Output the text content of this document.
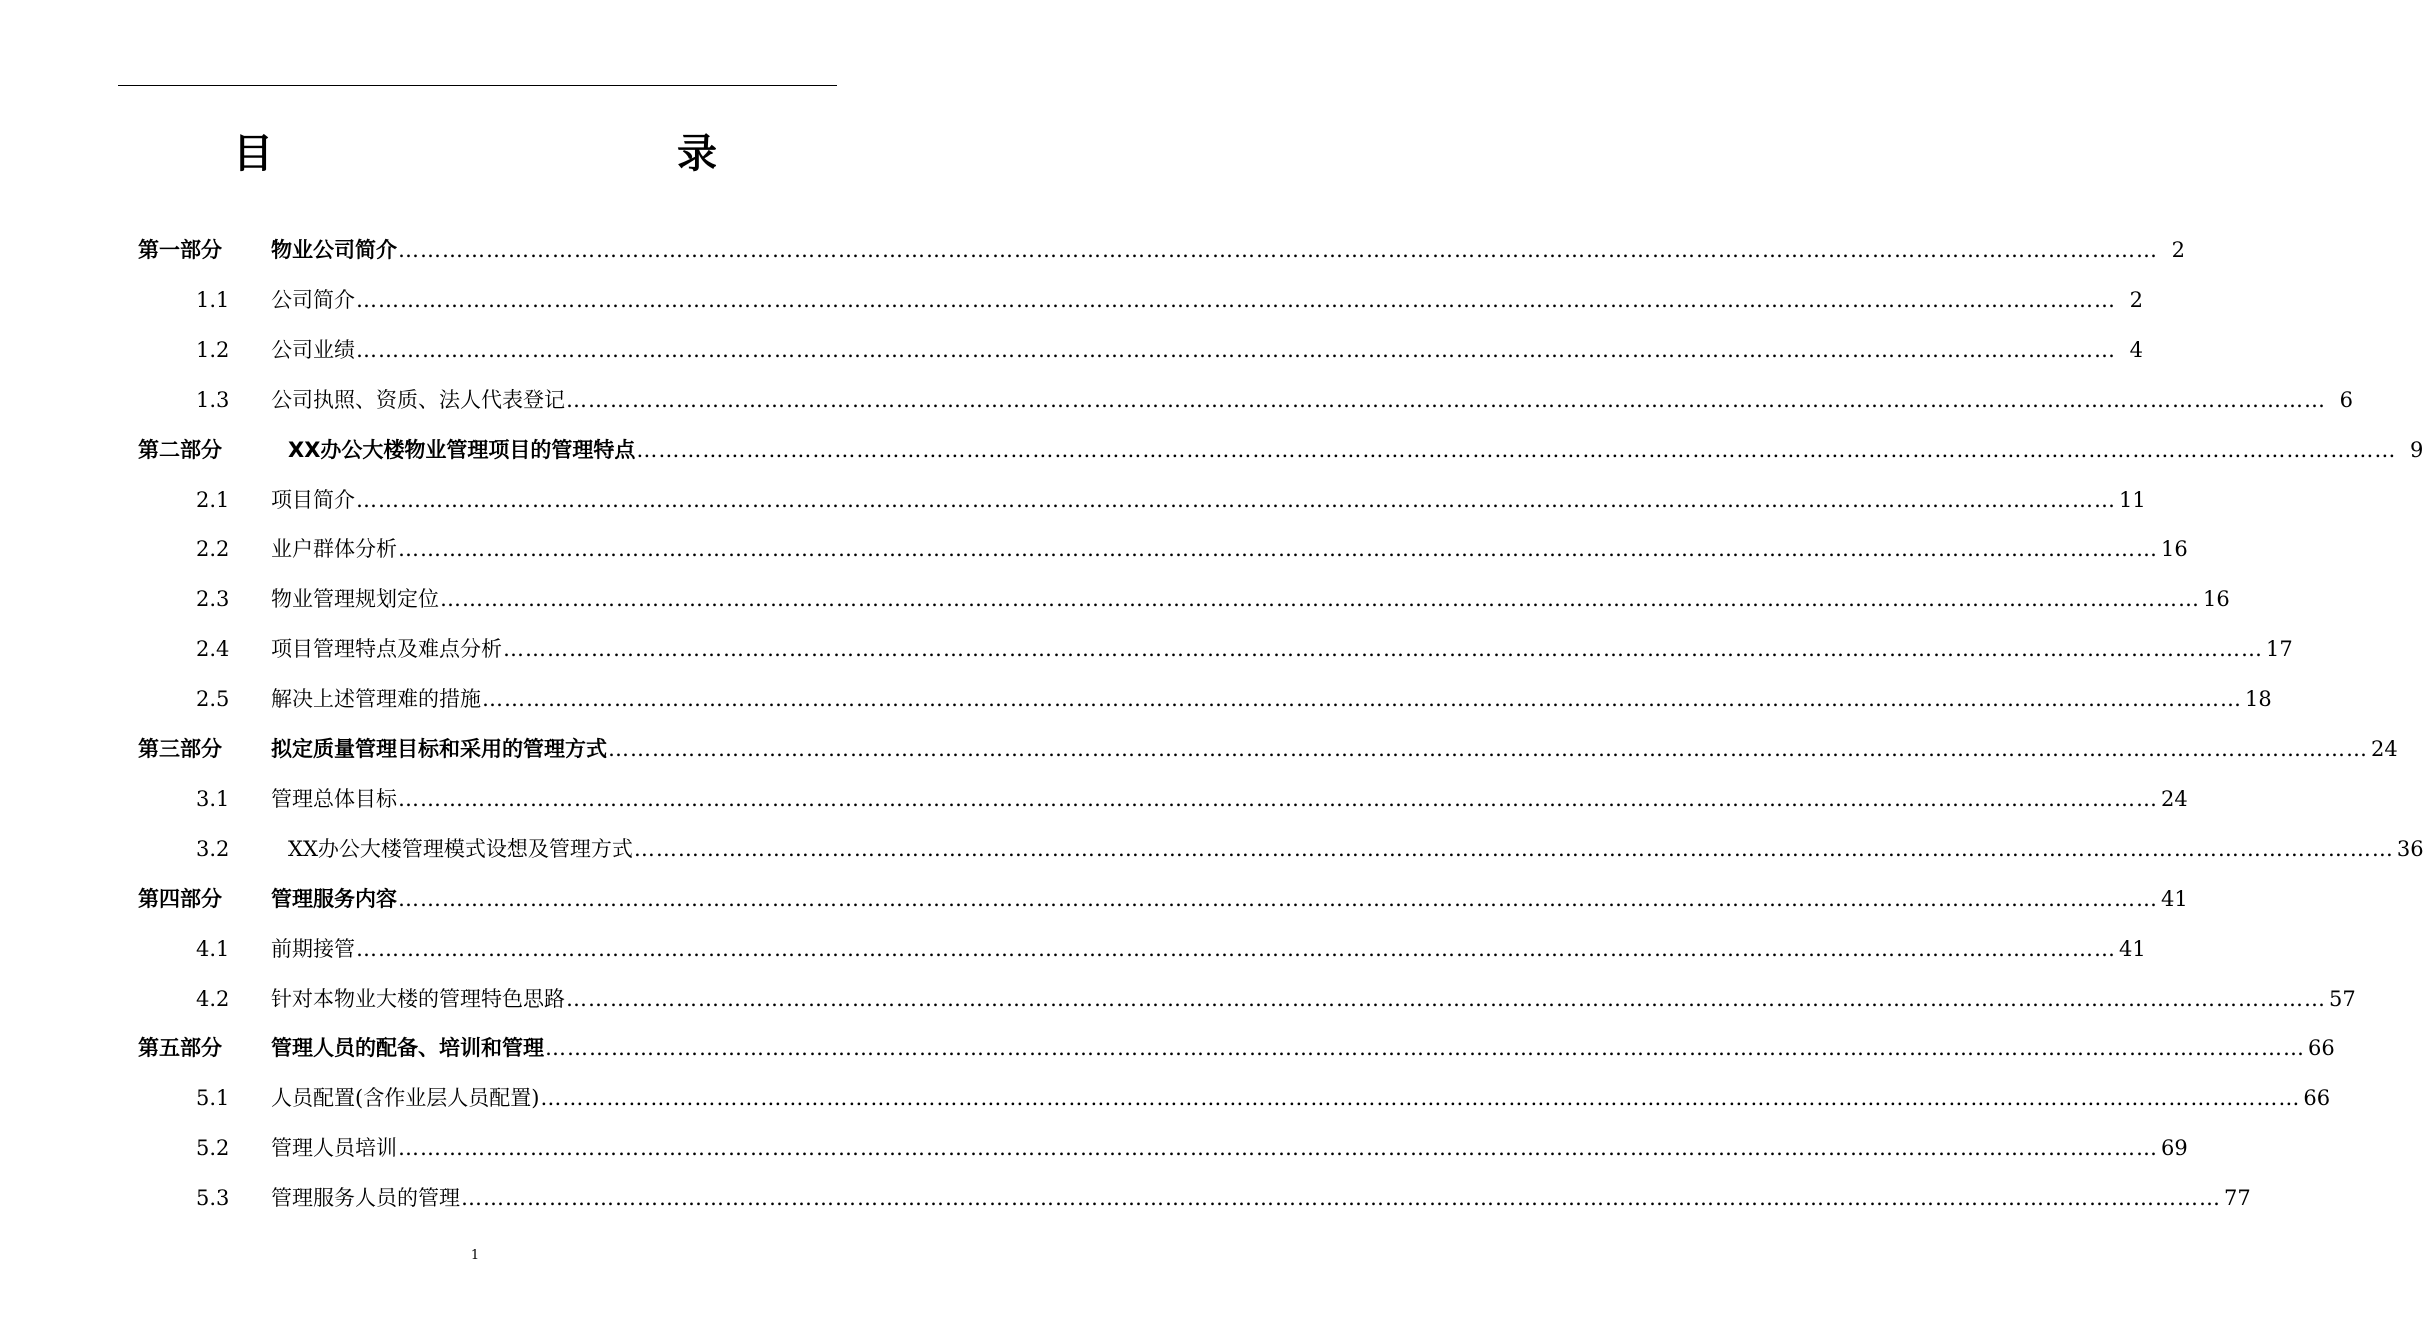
目　　录
第一部分 物业公司简介 …………………………………………………………………………………………………………………………………………………………………………………………………………………… 2
1.1 公司简介 …………………………………………………………………………………………………………………………………………………………………………………………………………………… 2
1.2 公司业绩 …………………………………………………………………………………………………………………………………………………………………………………………………………………… 4
1.3 公司执照、资质、法人代表登记 …………………………………………………………………………………………………………………………………………………………………………………………………………………… 6
第二部分	XX办公大楼物业管理项目的管理特点 …………………………………………………………………………………………………………………………………………………………………………………………………………………… 9
2.1 项目简介 …………………………………………………………………………………………………………………………………………………………………………………………………………………… 11
2.2 业户群体分析 …………………………………………………………………………………………………………………………………………………………………………………………………………………… 16
2.3 物业管理规划定位 …………………………………………………………………………………………………………………………………………………………………………………………………………………… 16
2.4 项目管理特点及难点分析 …………………………………………………………………………………………………………………………………………………………………………………………………………………… 17
2.5 解决上述管理难的措施 …………………………………………………………………………………………………………………………………………………………………………………………………………………… 18
第三部分 拟定质量管理目标和采用的管理方式 …………………………………………………………………………………………………………………………………………………………………………………………………………………… 24
3.1 管理总体目标 …………………………………………………………………………………………………………………………………………………………………………………………………………………… 24
3.2	XX办公大楼管理模式设想及管理方式 …………………………………………………………………………………………………………………………………………………………………………………………………………………… 36
第四部分 管理服务内容 …………………………………………………………………………………………………………………………………………………………………………………………………………………… 41
4.1 前期接管 …………………………………………………………………………………………………………………………………………………………………………………………………………………… 41
4.2 针对本物业大楼的管理特色思路 …………………………………………………………………………………………………………………………………………………………………………………………………………………… 57
第五部分 管理人员的配备、培训和管理 …………………………………………………………………………………………………………………………………………………………………………………………………………………… 66
5.1 人员配置(含作业层人员配置) …………………………………………………………………………………………………………………………………………………………………………………………………………………… 66
5.2 管理人员培训 …………………………………………………………………………………………………………………………………………………………………………………………………………………… 69
5.3 管理服务人员的管理 …………………………………………………………………………………………………………………………………………………………………………………………………………………… 77
1
